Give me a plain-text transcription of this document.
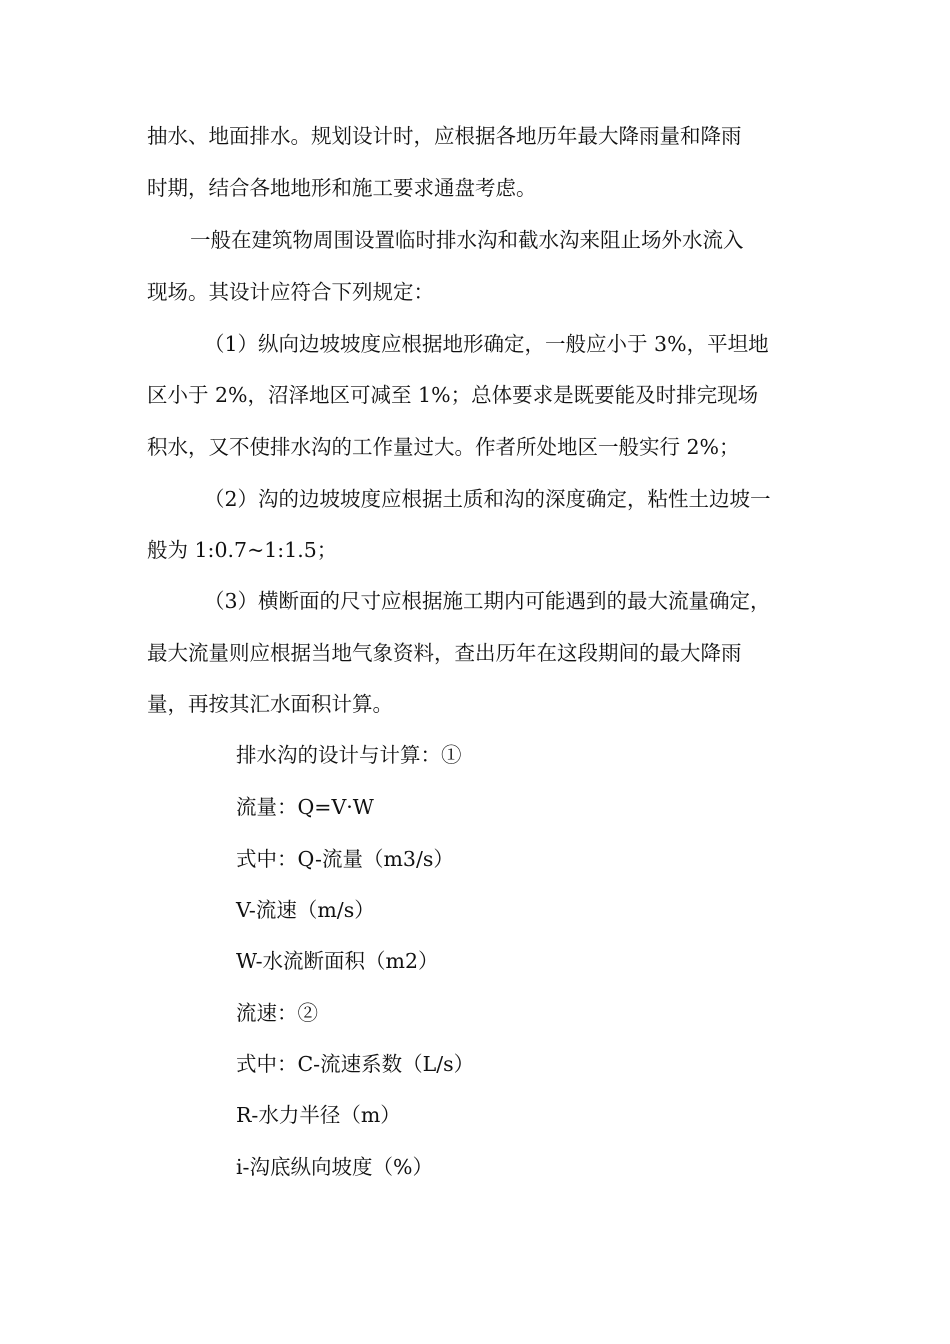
抽水、地面排水。规划设计时，应根据各地历年最大降雨量和降雨
时期，结合各地地形和施工要求通盘考虑。
一般在建筑物周围设置临时排水沟和截水沟来阻止场外水流入
现场。其设计应符合下列规定：
（1）纵向边坡坡度应根据地形确定，一般应小于 3%，平坦地
区小于 2%，沼泽地区可减至 1%；总体要求是既要能及时排完现场
积水，又不使排水沟的工作量过大。作者所处地区一般实行 2%；
（2）沟的边坡坡度应根据土质和沟的深度确定，粘性土边坡一
般为 1:0.7~1:1.5；
（3）横断面的尺寸应根据施工期内可能遇到的最大流量确定，
最大流量则应根据当地气象资料，查出历年在这段期间的最大降雨
量，再按其汇水面积计算。
排水沟的设计与计算：①
流量：Q=V·W
式中：Q-流量（m3/s）
V-流速（m/s）
W-水流断面积（m2）
流速：②
式中：C-流速系数（L/s）
R-水力半径（m）
i-沟底纵向坡度（%）
